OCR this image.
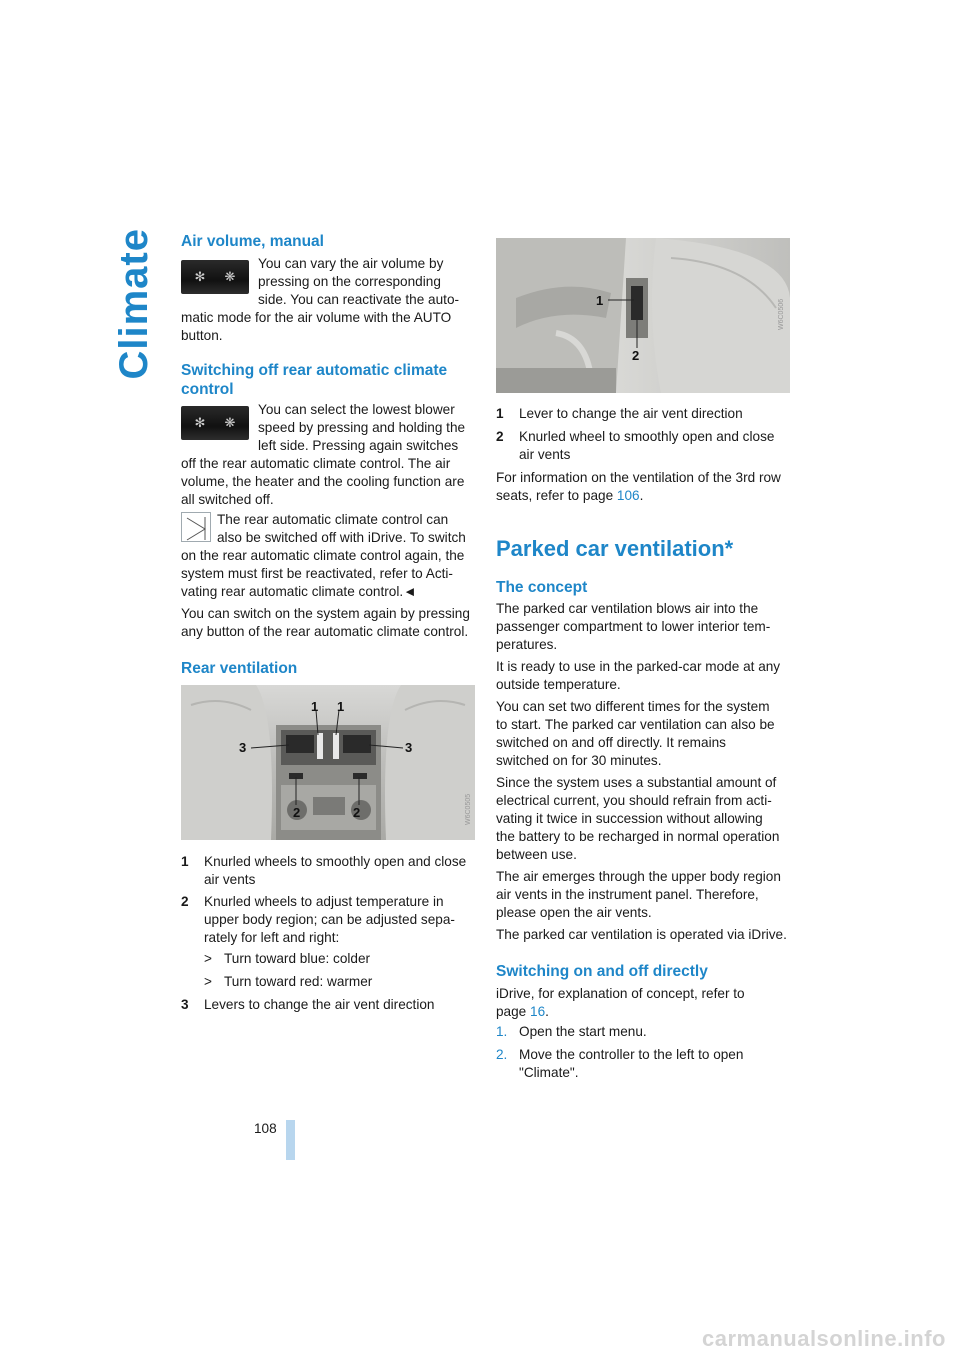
Climate
108
Air volume, manual
✻ ❋
You can vary the air volume by
pressing on the corresponding
side. You can reactivate the auto-
matic mode for the air volume with the AUTO
button.
Switching off rear automatic climate
control
✻ ❋
You can select the lowest blower
speed by pressing and holding the
left side. Pressing again switches
off the rear automatic climate control. The air
volume, the heater and the cooling function are
all switched off.
The rear automatic climate control can
also be switched off with iDrive. To switch
on the rear automatic climate control again, the
system must first be reactivated, refer to Acti-
vating rear automatic climate control.◄
You can switch on the system again by pressing
any button of the rear automatic climate control.
Rear ventilation
1 1
3	3
2	2	W6C0505
1 Knurled wheels to smoothly open and close
air vents
2 Knurled wheels to adjust temperature in
upper body region; can be adjusted sepa-
rately for left and right:
> Turn toward blue: colder
> Turn toward red: warmer
3 Levers to change the air vent direction
1
2
W6C0506
1 Lever to change the air vent direction
2 Knurled wheel to smoothly open and close
air vents
For information on the ventilation of the 3rd row
seats, refer to page 106.
Parked car ventilation*
The concept
The parked car ventilation blows air into the
passenger compartment to lower interior tem-
peratures.
It is ready to use in the parked-car mode at any
outside temperature.
You can set two different times for the system
to start. The parked car ventilation can also be
switched on and off directly. It remains
switched on for 30 minutes.
Since the system uses a substantial amount of
electrical current, you should refrain from acti-
vating it twice in succession without allowing
the battery to be recharged in normal operation
between use.
The air emerges through the upper body region
air vents in the instrument panel. Therefore,
please open the air vents.
The parked car ventilation is operated via iDrive.
Switching on and off directly
iDrive, for explanation of concept, refer to
page 16.
1. Open the start menu.
2. Move the controller to the left to open
"Climate".
carmanualsonline.info
